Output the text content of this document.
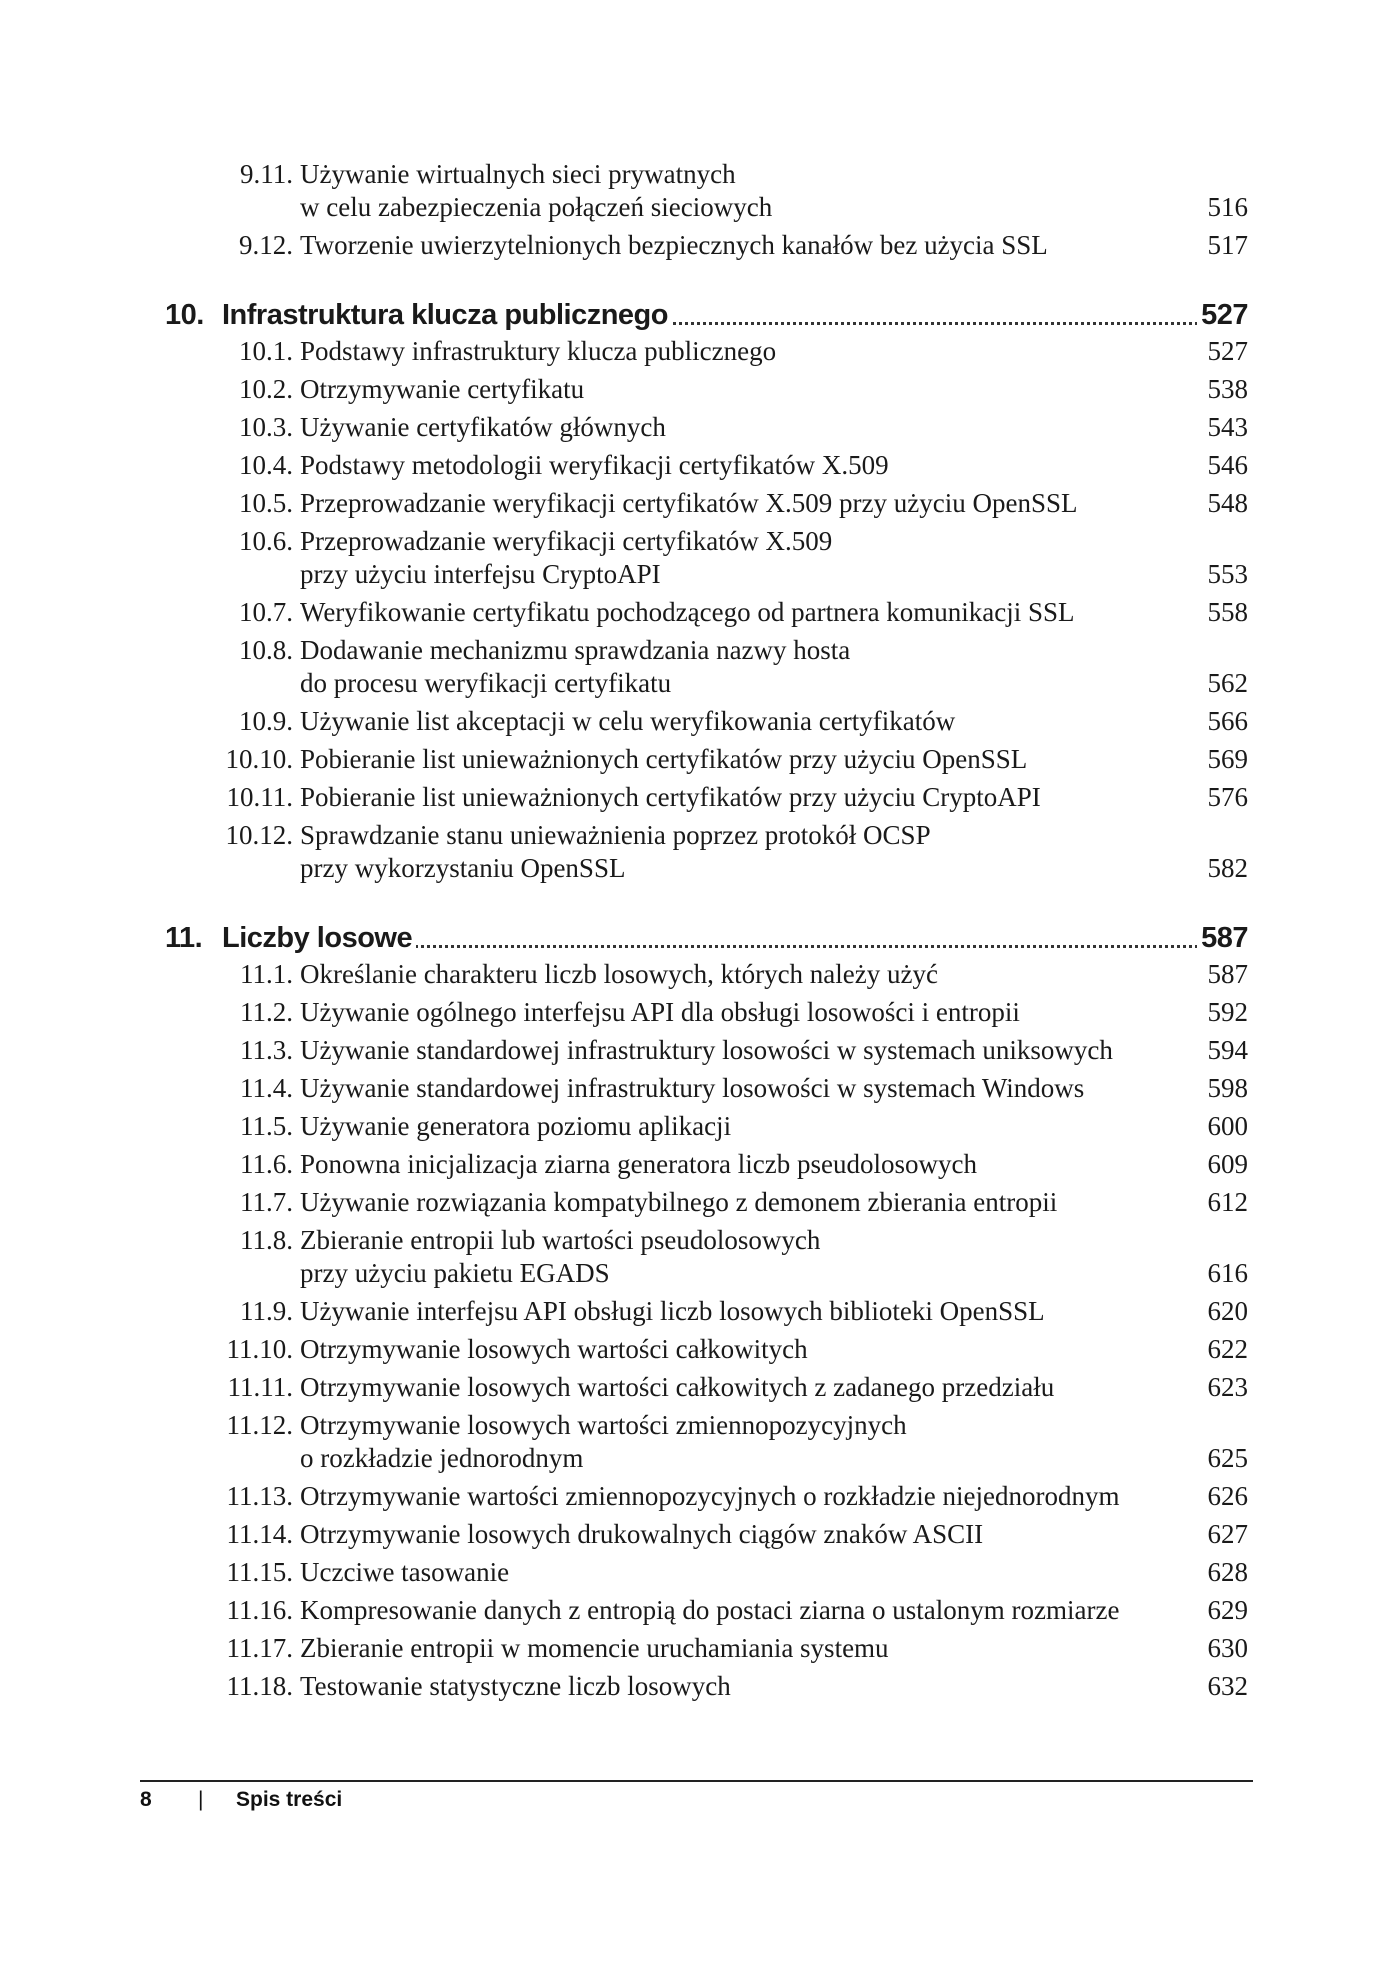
9.11. Używanie wirtualnych sieci prywatnych
w celu zabezpieczenia połączeń sieciowych	516
9.12. Tworzenie uwierzytelnionych bezpiecznych kanałów bez użycia SSL	517
10. Infrastruktura klucza publicznego	527
10.1. Podstawy infrastruktury klucza publicznego	527
10.2. Otrzymywanie certyfikatu	538
10.3. Używanie certyfikatów głównych	543
10.4. Podstawy metodologii weryfikacji certyfikatów X.509	546
10.5. Przeprowadzanie weryfikacji certyfikatów X.509 przy użyciu OpenSSL	548
10.6. Przeprowadzanie weryfikacji certyfikatów X.509
przy użyciu interfejsu CryptoAPI	553
10.7. Weryfikowanie certyfikatu pochodzącego od partnera komunikacji SSL	558
10.8. Dodawanie mechanizmu sprawdzania nazwy hosta
do procesu weryfikacji certyfikatu	562
10.9. Używanie list akceptacji w celu weryfikowania certyfikatów	566
10.10. Pobieranie list unieważnionych certyfikatów przy użyciu OpenSSL	569
10.11. Pobieranie list unieważnionych certyfikatów przy użyciu CryptoAPI	576
10.12. Sprawdzanie stanu unieważnienia poprzez protokół OCSP
przy wykorzystaniu OpenSSL	582
11. Liczby losowe	587
11.1. Określanie charakteru liczb losowych, których należy użyć	587
11.2. Używanie ogólnego interfejsu API dla obsługi losowości i entropii	592
11.3. Używanie standardowej infrastruktury losowości w systemach uniksowych	594
11.4. Używanie standardowej infrastruktury losowości w systemach Windows	598
11.5. Używanie generatora poziomu aplikacji	600
11.6. Ponowna inicjalizacja ziarna generatora liczb pseudolosowych	609
11.7. Używanie rozwiązania kompatybilnego z demonem zbierania entropii	612
11.8. Zbieranie entropii lub wartości pseudolosowych
przy użyciu pakietu EGADS	616
11.9. Używanie interfejsu API obsługi liczb losowych biblioteki OpenSSL	620
11.10. Otrzymywanie losowych wartości całkowitych	622
11.11. Otrzymywanie losowych wartości całkowitych z zadanego przedziału	623
11.12. Otrzymywanie losowych wartości zmiennopozycyjnych
o rozkładzie jednorodnym	625
11.13. Otrzymywanie wartości zmiennopozycyjnych o rozkładzie niejednorodnym	626
11.14. Otrzymywanie losowych drukowalnych ciągów znaków ASCII	627
11.15. Uczciwe tasowanie	628
11.16. Kompresowanie danych z entropią do postaci ziarna o ustalonym rozmiarze	629
11.17. Zbieranie entropii w momencie uruchamiania systemu	630
11.18. Testowanie statystyczne liczb losowych	632
8 | Spis treści
